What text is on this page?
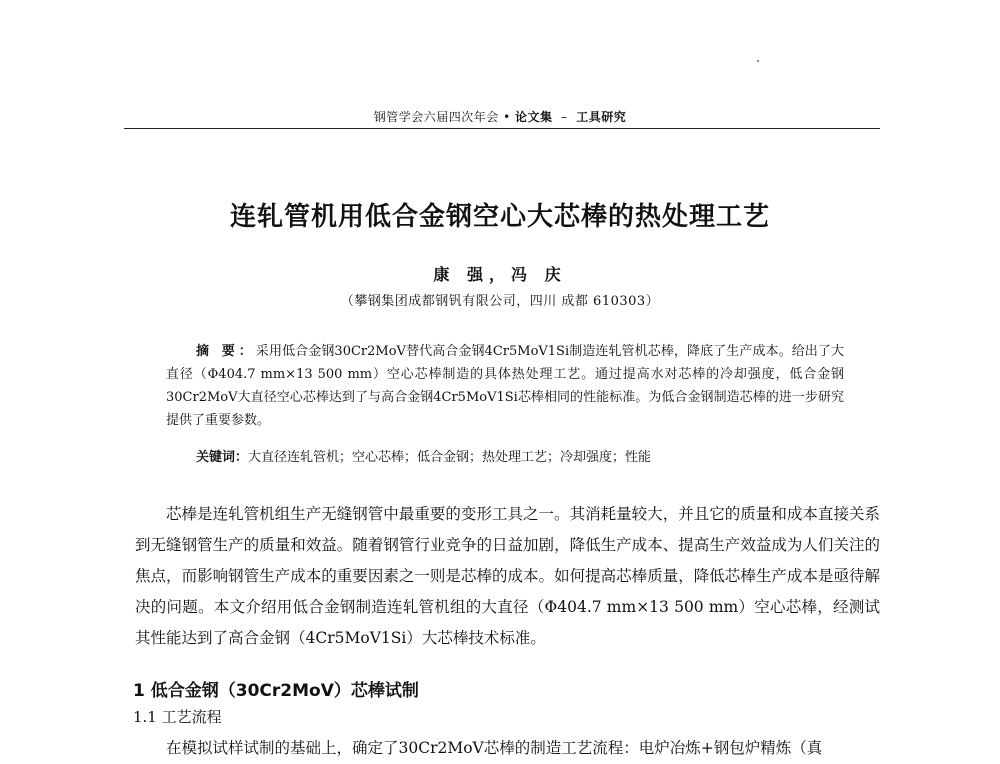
钢管学会六届四次年会 • 论文集 – 工具研究
连轧管机用低合金钢空心大芯棒的热处理工艺
康 强，冯 庆
（攀钢集团成都钢钒有限公司，四川 成都 610303）
摘 要：采用低合金钢30Cr2MoV替代高合金钢4Cr5MoV1Si制造连轧管机芯棒，降底了生产成本。给出了大直径（Φ404.7 mm×13 500 mm）空心芯棒制造的具体热处理工艺。通过提高水对芯棒的冷却强度，低合金钢30Cr2MoV大直径空心芯棒达到了与高合金钢4Cr5MoV1Si芯棒相同的性能标准。为低合金钢制造芯棒的进一步研究提供了重要参数。
关键词：大直径连轧管机；空心芯棒；低合金钢；热处理工艺；冷却强度；性能
芯棒是连轧管机组生产无缝钢管中最重要的变形工具之一。其消耗量较大，并且它的质量和成本直接关系到无缝钢管生产的质量和效益。随着钢管行业竞争的日益加剧，降低生产成本、提高生产效益成为人们关注的焦点，而影响钢管生产成本的重要因素之一则是芯棒的成本。如何提高芯棒质量，降低芯棒生产成本是亟待解决的问题。本文介绍用低合金钢制造连轧管机组的大直径（Φ404.7 mm×13 500 mm）空心芯棒，经测试其性能达到了高合金钢（4Cr5MoV1Si）大芯棒技术标准。
1 低合金钢（30Cr2MoV）芯棒试制
1.1 工艺流程
在模拟试样试制的基础上，确定了30Cr2MoV芯棒的制造工艺流程：电炉冶炼+钢包炉精炼（真
